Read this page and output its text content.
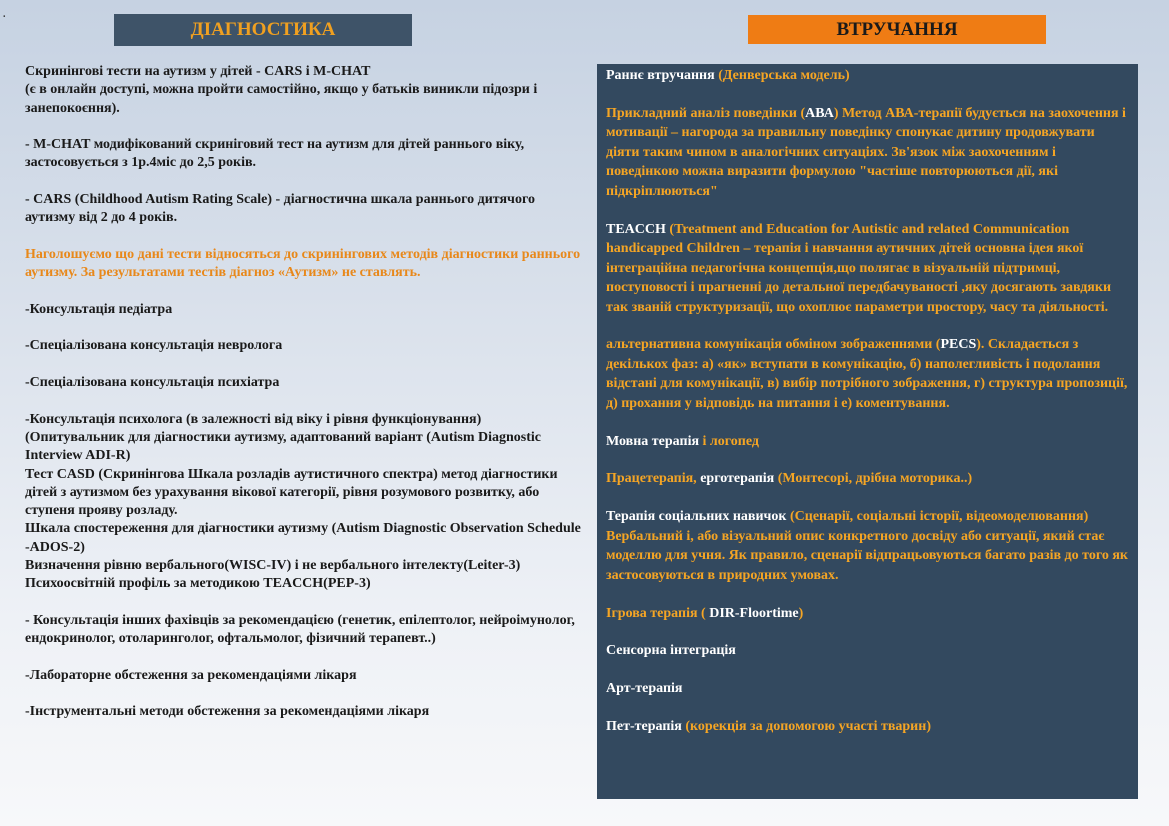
.
ДІАГНОСТИКА	ВТРУЧАННЯ

Скринінгові тести на аутизм у дітей - CARS і M-CHAT
(є в онлайн доступі, можна пройти самостійно, якщо у батьків виникли підозри і занепокоєння).

- M-CHAT модифікований скриніговий тест на аутизм для дітей раннього віку, застосовується з 1р.4міс до 2,5 років.

- CARS (Childhood Autism Rating Scale) - діагностична шкала раннього дитячого аутизму від 2 до 4 років.

Наголошуємо що дані тести відносяться до скринінгових методів діагностики раннього аутизму. За результатами тестів діагноз «Аутизм» не ставлять.

-Консультація педіатра

-Спеціалізована консультація невролога

-Спеціалізована консультація психіатра

-Консультація психолога (в залежності від віку і рівня функціонування)
(Опитувальник для діагностики аутизму, адаптований варіант (Autism Diagnostic Interview ADI-R)
Тест CASD (Скринінгова Шкала розладів аутистичного спектра) метод діагностики дітей з аутизмом без урахування вікової категорії, рівня розумового розвитку, або ступеня прояву розладу.
Шкала спостереження для діагностики аутизму (Autism Diagnostic Observation Schedule -ADOS-2)
Визначення рівню вербального(WISC-IV) і не вербального інтелекту(Leiter-3)
Психоосвітній профіль за методикою TEACCH(PEP-3)

- Консультація інших фахівців за рекомендацією (генетик, епілептолог, нейроімунолог, ендокринолог, отоларинголог, офтальмолог, фізичний терапевт..)

-Лабораторне обстеження за рекомендаціями лікаря

-Інструментальні методи обстеження за рекомендаціями лікаря

Раннє втручання (Денверська модель)

Прикладний аналіз поведінки (АВА) Метод АВА-терапії будується на заохочення і мотивації – нагорода за правильну поведінку спонукає дитину продовжувати діяти таким чином в аналогічних ситуаціях. Зв'язок між заохоченням і поведінкою можна виразити формулою "частіше повторюються дії, які підкріплюються"

TEACCH (Treatment and Education for Autistic and related Communication handicapped Children – терапія і навчання аутичних дітей основна ідея якої інтеграційна педагогічна концепція,що полягає в візуальній підтримці, поступовості і прагненні до детальної передбачуваності ,яку досягають завдяки так званій структуризації, що охоплює параметри простору, часу та діяльності.

альтернативна комунікація обміном зображеннями (PECS). Складається з декількох фаз: а) «як» вступати в комунікацію, б) наполегливість і подолання відстані для комунікації, в) вибір потрібного зображення, г) структура пропозиції, д) прохання у відповідь на питання і е) коментування.

Мовна терапія і логопед

Працетерапія, ерготерапія (Монтесорі, дрібна моторика..)

Терапія соціальних навичок (Сценарії, соціальні історії, відеомоделювання) Вербальний і, або візуальний опис конкретного досвіду або ситуації, який стає моделлю для учня. Як правило, сценарії відпрацьовуються багато разів до того як застосовуються в природних умовах.

Ігрова терапія ( DIR-Floortime)

Сенсорна інтеграція

Арт-терапія

Пет-терапія (корекція за допомогою участі тварин)
